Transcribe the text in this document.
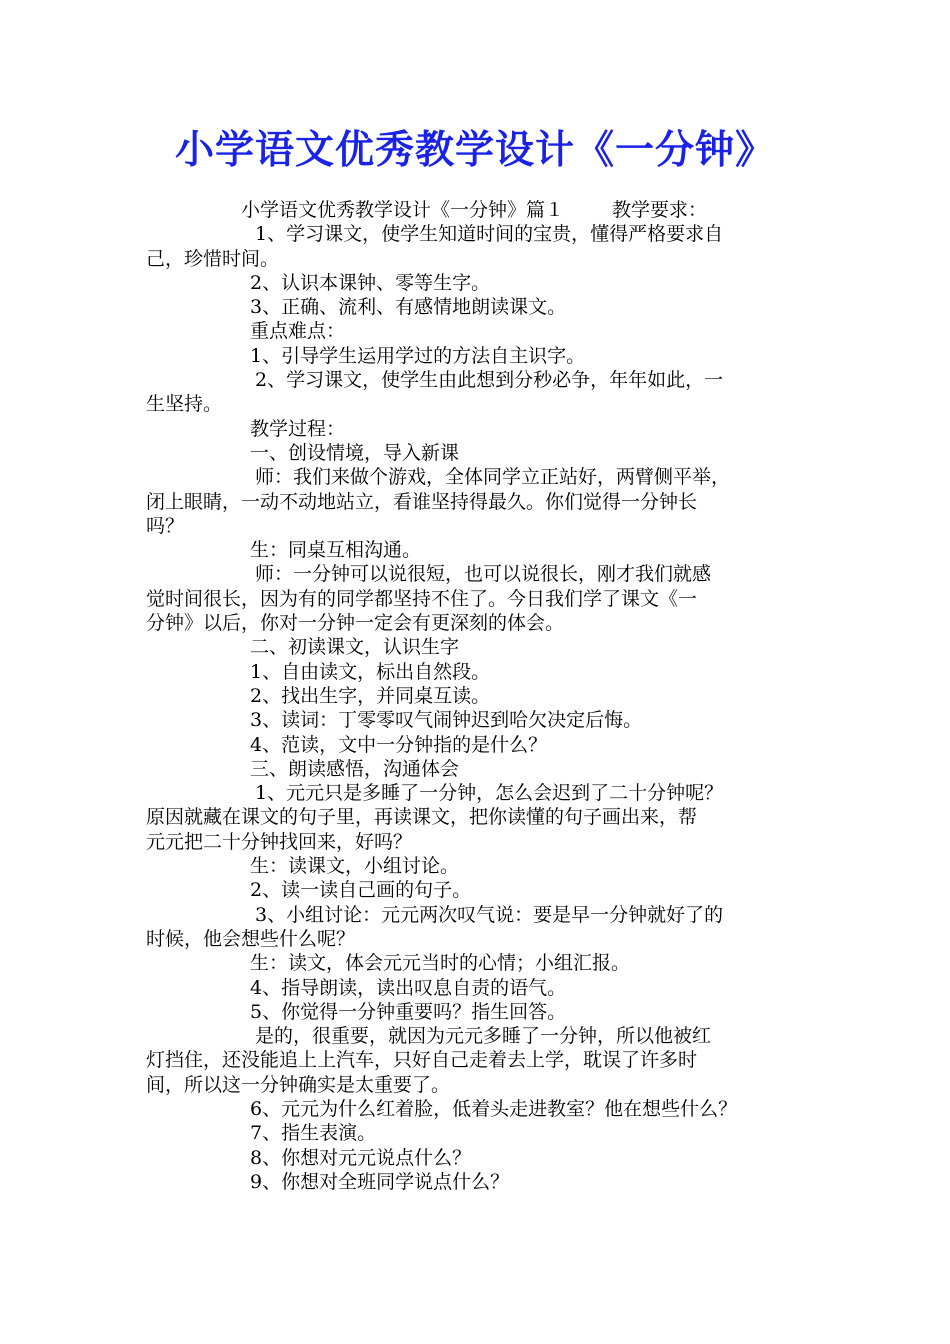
小学语文优秀教学设计《一分钟》
小学语文优秀教学设计《一分钟》篇１	教学要求：
1、学习课文，使学生知道时间的宝贵，懂得严格要求自
己，珍惜时间。
2、认识本课钟、零等生字。
3、正确、流利、有感情地朗读课文。
重点难点：
1、引导学生运用学过的方法自主识字。
2、学习课文，使学生由此想到分秒必争，年年如此，一
生坚持。
教学过程：
一、创设情境，导入新课
师：我们来做个游戏，全体同学立正站好，两臂侧平举，
闭上眼睛，一动不动地站立，看谁坚持得最久。你们觉得一分钟长
吗？
生：同桌互相沟通。
师：一分钟可以说很短，也可以说很长，刚才我们就感
觉时间很长，因为有的同学都坚持不住了。今日我们学了课文《一
分钟》以后，你对一分钟一定会有更深刻的体会。
二、初读课文，认识生字
1、自由读文，标出自然段。
2、找出生字，并同桌互读。
3、读词：丁零零叹气闹钟迟到哈欠决定后悔。
4、范读，文中一分钟指的是什么？
三、朗读感悟，沟通体会
1、元元只是多睡了一分钟，怎么会迟到了二十分钟呢？
原因就藏在课文的句子里，再读课文，把你读懂的句子画出来，帮
元元把二十分钟找回来，好吗？
生：读课文，小组讨论。
2、读一读自己画的句子。
3、小组讨论：元元两次叹气说：要是早一分钟就好了的
时候，他会想些什么呢？
生：读文，体会元元当时的心情；小组汇报。
4、指导朗读，读出叹息自责的语气。
5、你觉得一分钟重要吗？指生回答。
是的，很重要，就因为元元多睡了一分钟，所以他被红
灯挡住，还没能追上上汽车，只好自己走着去上学，耽误了许多时
间，所以这一分钟确实是太重要了。
6、元元为什么红着脸，低着头走进教室？他在想些什么？
7、指生表演。
8、你想对元元说点什么？
9、你想对全班同学说点什么？
